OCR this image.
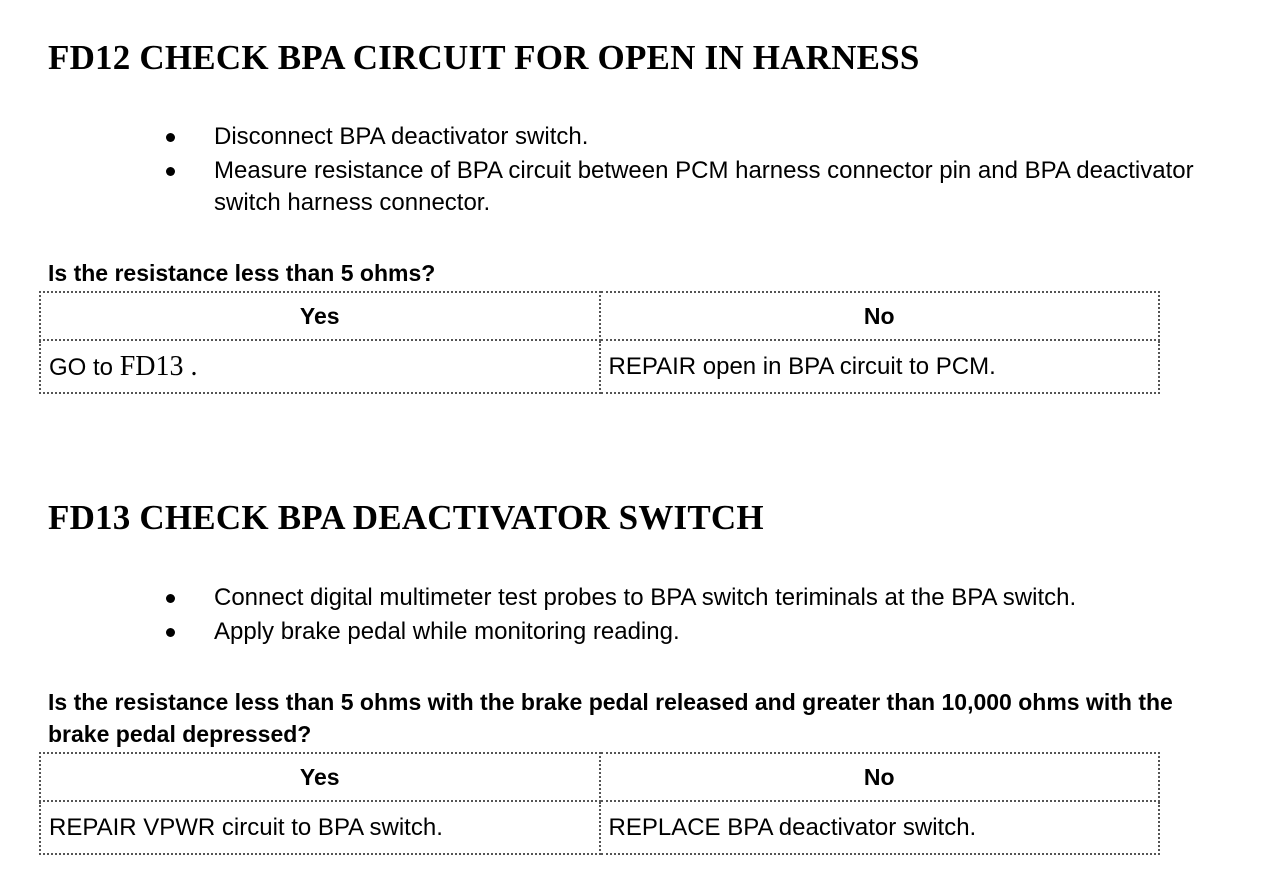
FD12 CHECK BPA CIRCUIT FOR OPEN IN HARNESS
Disconnect BPA deactivator switch.
Measure resistance of BPA circuit between PCM harness connector pin and BPA deactivator switch harness connector.

Is the resistance less than 5 ohms?

Yes	No
GO to FD13 .	REPAIR open in BPA circuit to PCM.
FD13 CHECK BPA DEACTIVATOR SWITCH
Connect digital multimeter test probes to BPA switch teriminals at the BPA switch.
Apply brake pedal while monitoring reading.

Is the resistance less than 5 ohms with the brake pedal released and greater than 10,000 ohms with the brake pedal depressed?

Yes	No
REPAIR VPWR circuit to BPA switch.	REPLACE BPA deactivator switch.
